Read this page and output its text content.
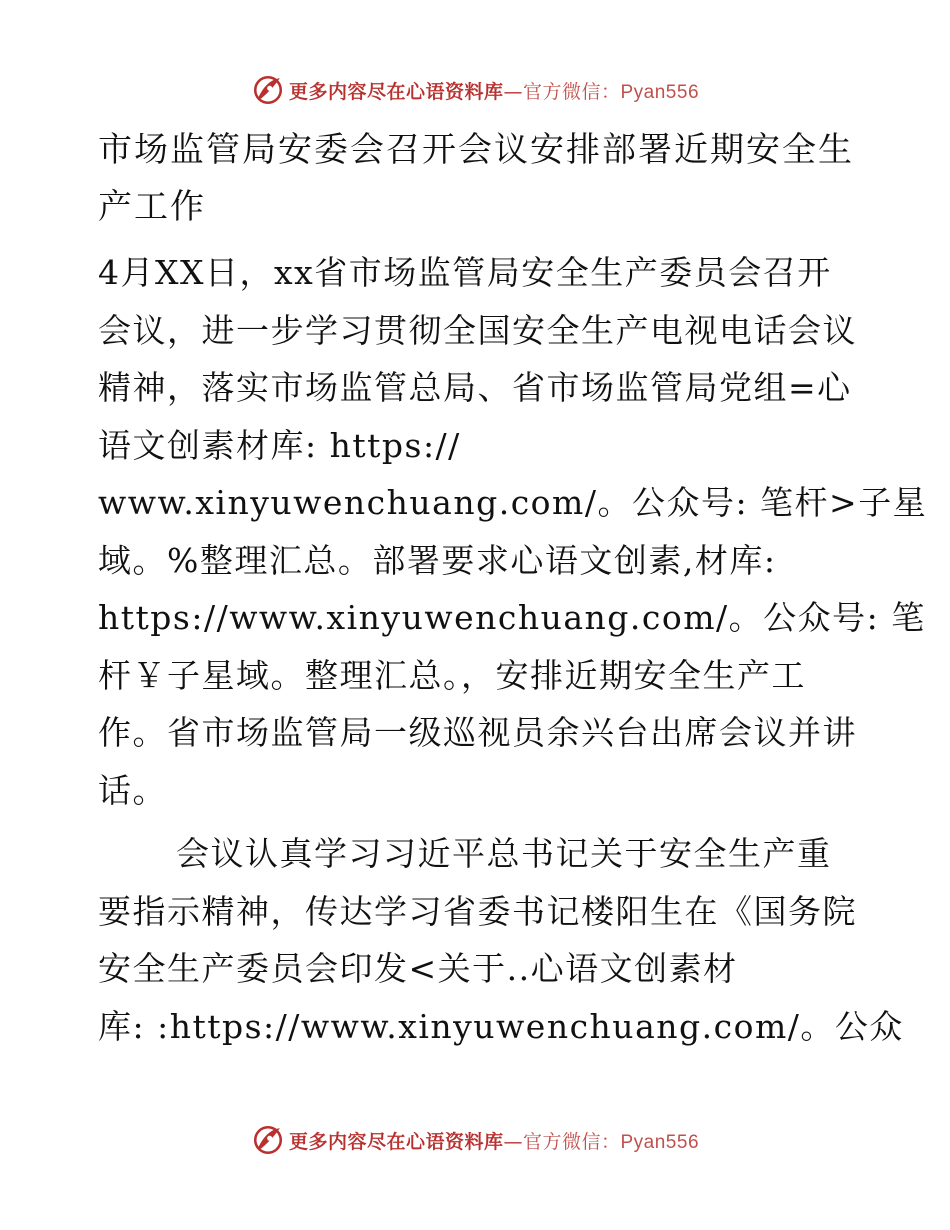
更多内容尽在心语资料库—官方微信：Pyan556
市场监管局安委会召开会议安排部署近期安全生
产工作

4月XX日，xx省市场监管局安全生产委员会召开
会议，进一步学习贯彻全国安全生产电视电话会议
精神，落实市场监管总局、省市场监管局党组=心
语文创素材库: https://
www.xinyuwenchuang.com/。公众号: 笔杆>子星
域。%整理汇总。部署要求心语文创素,材库:
https://www.xinyuwenchuang.com/。公众号: 笔
杆￥子星域。整理汇总。，安排近期安全生产工
作。省市场监管局一级巡视员余兴台出席会议并讲
话。

会议认真学习习近平总书记关于安全生产重
要指示精神，传达学习省委书记楼阳生在《国务院
安全生产委员会印发<关于..心语文创素材
库: :https://www.xinyuwenchuang.com/。公众

更多内容尽在心语资料库—官方微信：Pyan556
